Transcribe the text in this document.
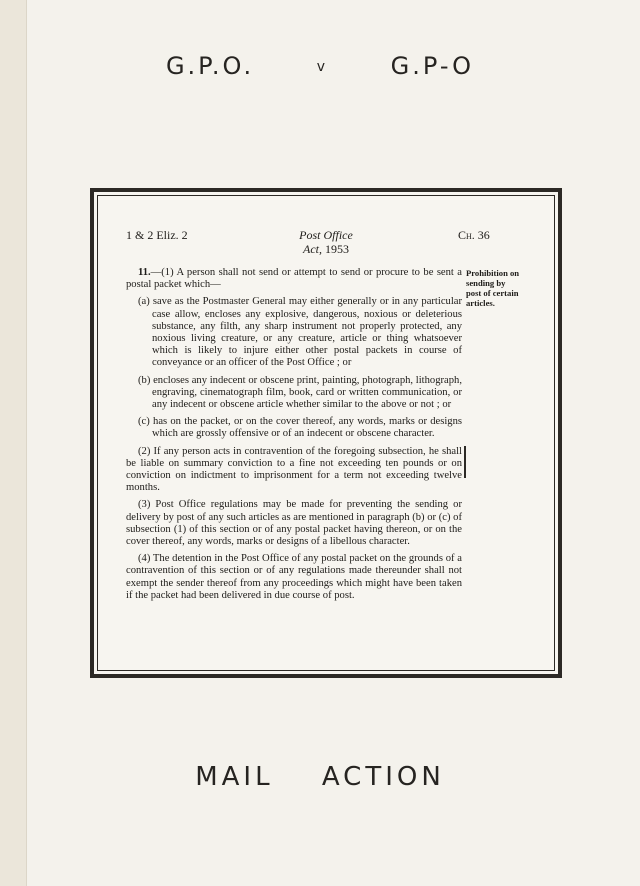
G.P.O.	v	G.P-O
1 & 2 Eliz. 2	Post Office
Act, 1953
Ch. 36

11.—(1) A person shall not send or attempt to send or procure to be sent a postal packet which—

(a) save as the Postmaster General may either generally or in any particular case allow, encloses any explosive, dangerous, noxious or deleterious substance, any filth, any sharp instrument not properly protected, any noxious living creature, or any creature, article or thing whatsoever which is likely to injure either other postal packets in course of conveyance or an officer of the Post Office ; or

(b) encloses any indecent or obscene print, painting, photograph, lithograph, engraving, cinematograph film, book, card or written communication, or any indecent or obscene article whether similar to the above or not ; or

(c) has on the packet, or on the cover thereof, any words, marks or designs which are grossly offensive or of an indecent or obscene character.

(2) If any person acts in contravention of the foregoing subsection, he shall be liable on summary conviction to a fine not exceeding ten pounds or on conviction on indictment to imprisonment for a term not exceeding twelve months.

(3) Post Office regulations may be made for preventing the sending or delivery by post of any such articles as are mentioned in paragraph (b) or (c) of subsection (1) of this section or of any postal packet having thereon, or on the cover thereof, any words, marks or designs of a libellous character.

(4) The detention in the Post Office of any postal packet on the grounds of a contravention of this section or of any regulations made thereunder shall not exempt the sender thereof from any proceedings which might have been taken if the packet had been delivered in due course of post.

Prohibition on sending by post of certain articles.
MAIL ACTION
